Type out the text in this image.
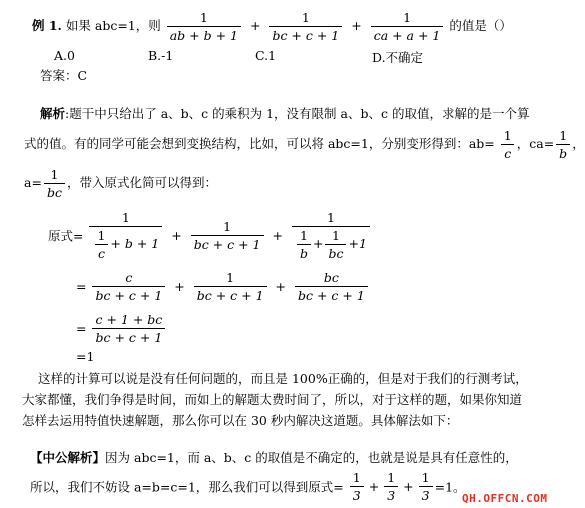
例 1. 如果 abc=1，则 $\frac{1}{ab + b + 1} + \frac{1}{bc + c + 1} + \frac{1}{ca + a + 1}$ 的值是（）
A.0	B.-1	C.1	D.不确定
答案：C
解析:题干中只给出了 a、b、c 的乘积为 1，没有限制 a、b、c 的取值，求解的是一个算
式的值。有的同学可能会想到变换结构，比如，可以将 abc=1，分别变形得到：$ab= \frac{1}{c}$ ，$ca= \frac{1}{b}$ ，
$a= \frac{1}{bc}$ ，带入原式化简可以得到：
原式= $\frac{1}{\frac{1}{c} + b + 1} + \frac{1}{bc + c + 1} + \frac{1}{\frac{1}{b} + \frac{1}{bc} +1}$
= $\frac{c}{bc + c + 1} + \frac{1}{bc + c + 1} + \frac{bc}{bc + c + 1}$
= $\frac{c + 1 + bc}{bc + c + 1}$
=1
这样的计算可以说是没有任何问题的，而且是 100%正确的，但是对于我们的行测考试，
大家都懂，我们争得是时间，而如上的解题太费时间了，所以，对于这样的题，如果你知道
怎样去运用特值快速解题，那么你可以在 30 秒内解决这道题。具体解法如下：
【中公解析】因为 abc=1，而 a、b、c 的取值是不确定的，也就是说是具有任意性的，
所以，我们不妨设 a=b=c=1，那么我们可以得到原式= $\frac{1}{3} + \frac{1}{3} + \frac{1}{3} =1$。
QH.OFFCN.COM
